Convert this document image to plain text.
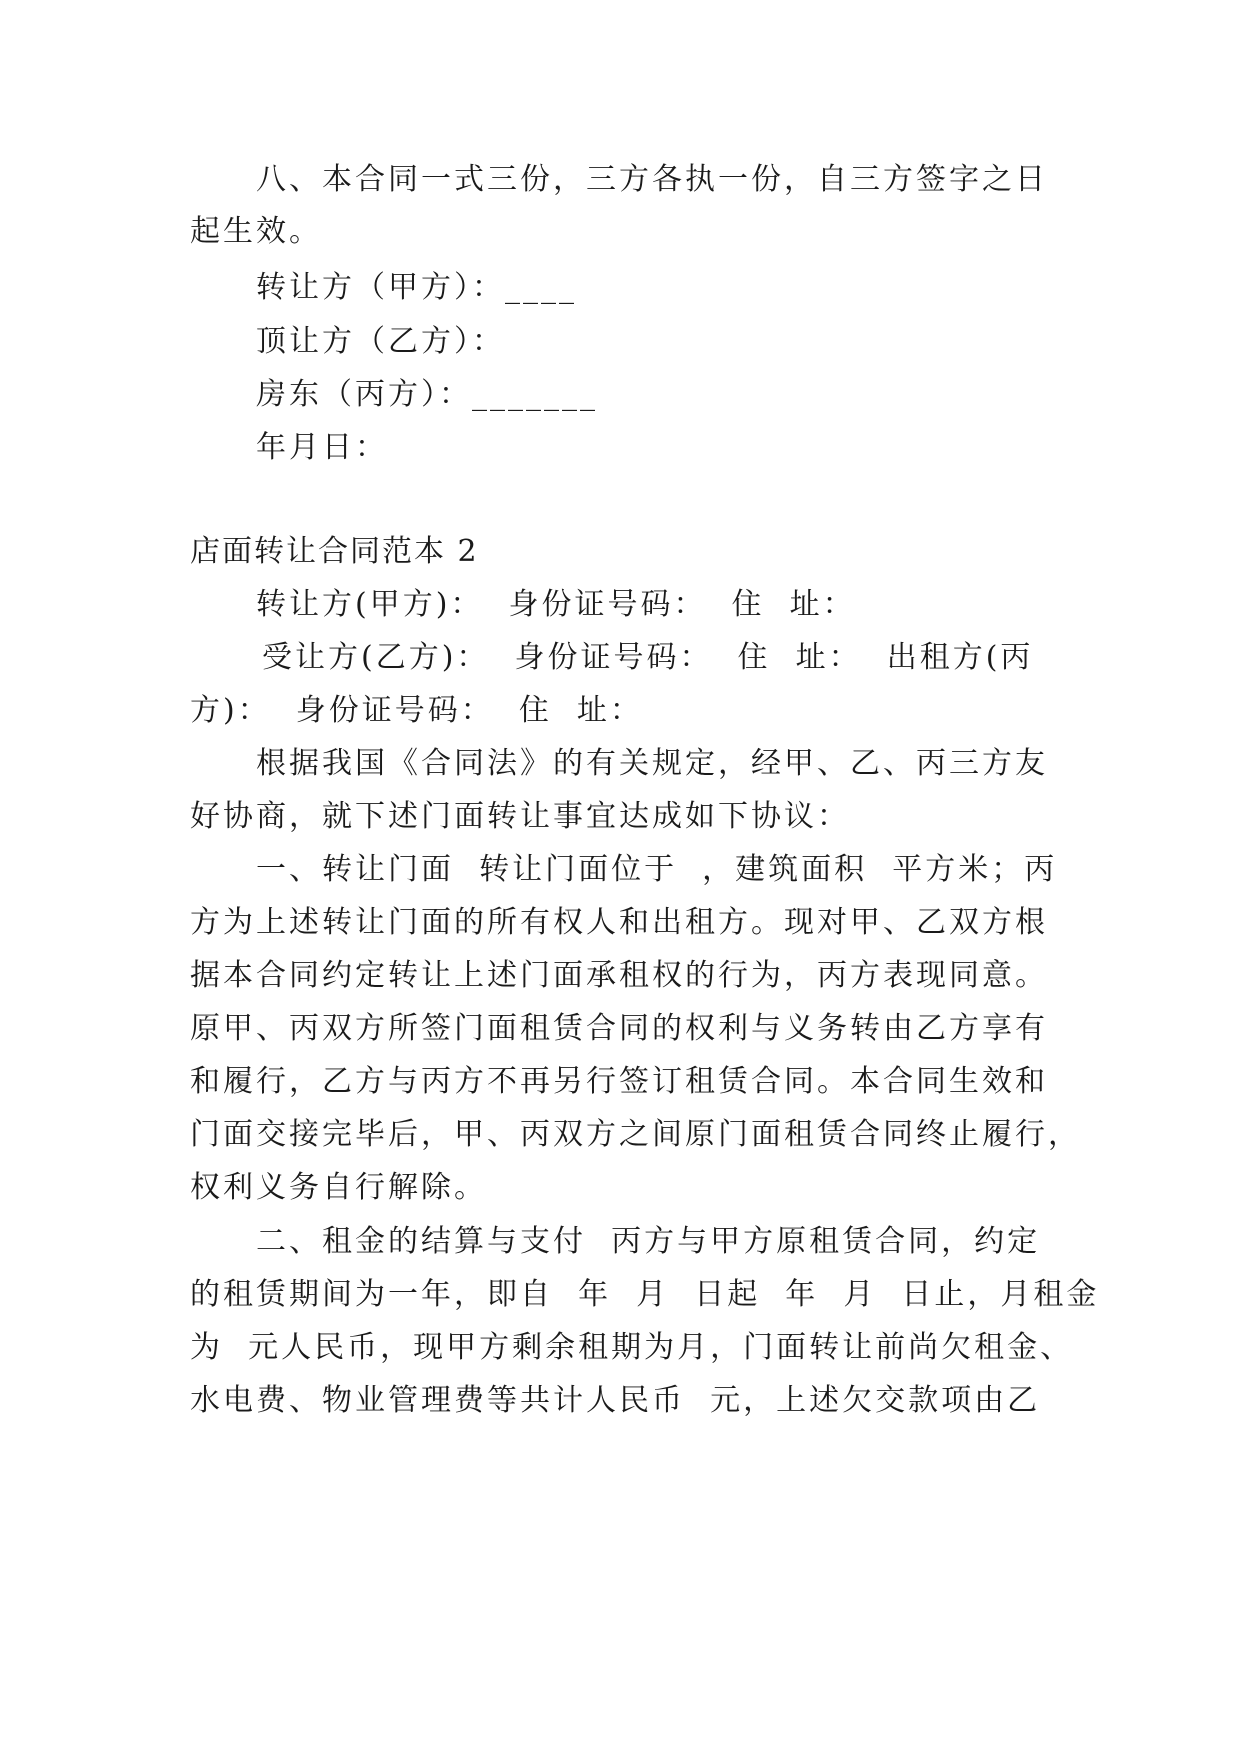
八、本合同一式三份，三方各执一份，自三方签字之日
起生效。
转让方（甲方）：____
顶让方（乙方）：
房东（丙方）：_______
年月日：
店面转让合同范本 2
转让方(甲方)：  身份证号码：  住  址：
受让方(乙方)：  身份证号码：  住  址：  出租方(丙
方)：  身份证号码：  住  址：
根据我国《合同法》的有关规定，经甲、乙、丙三方友
好协商，就下述门面转让事宜达成如下协议：
一、转让门面  转让门面位于  ，建筑面积  平方米；丙
方为上述转让门面的所有权人和出租方。现对甲、乙双方根
据本合同约定转让上述门面承租权的行为，丙方表现同意。
原甲、丙双方所签门面租赁合同的权利与义务转由乙方享有
和履行，乙方与丙方不再另行签订租赁合同。本合同生效和
门面交接完毕后，甲、丙双方之间原门面租赁合同终止履行，
权利义务自行解除。
二、租金的结算与支付  丙方与甲方原租赁合同，约定
的租赁期间为一年，即自  年  月  日起  年  月  日止，月租金
为  元人民币，现甲方剩余租期为月，门面转让前尚欠租金、
水电费、物业管理费等共计人民币  元，上述欠交款项由乙
